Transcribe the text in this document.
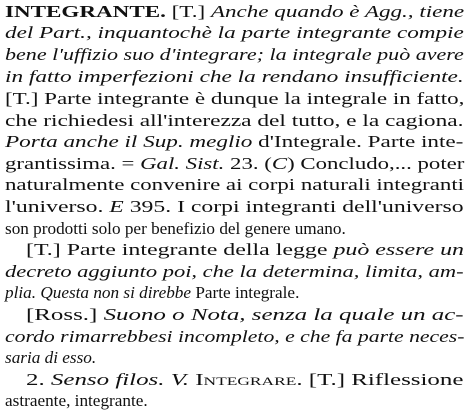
INTEGRANTE. [T.] Anche quando è Agg., tiene
del Part., inquantochè la parte integrante compie
bene l'uffizio suo d'integrare; la integrale può avere
in fatto imperfezioni che la rendano insufficiente.
[T.] Parte integrante è dunque la integrale in fatto,
che richiedesi all'interezza del tutto, e la cagiona.
Porta anche il Sup. meglio d'Integrale. Parte inte-
grantissima. = Gal. Sist. 23. (C) Concludo,... poter
naturalmente convenire ai corpi naturali integranti
l'universo. E 395. I corpi integranti dell'universo
son prodotti solo per benefizio del genere umano.
[T.] Parte integrante della legge può essere un
decreto aggiunto poi, che la determina, limita, am-
plia. Questa non si direbbe Parte integrale.
[Ross.] Suono o Nota, senza la quale un ac-
cordo rimarrebbesi incompleto, e che fa parte neces-
saria di esso.
2. Senso filos. V. Integrare. [T.] Riflessione
astraente, integrante.
